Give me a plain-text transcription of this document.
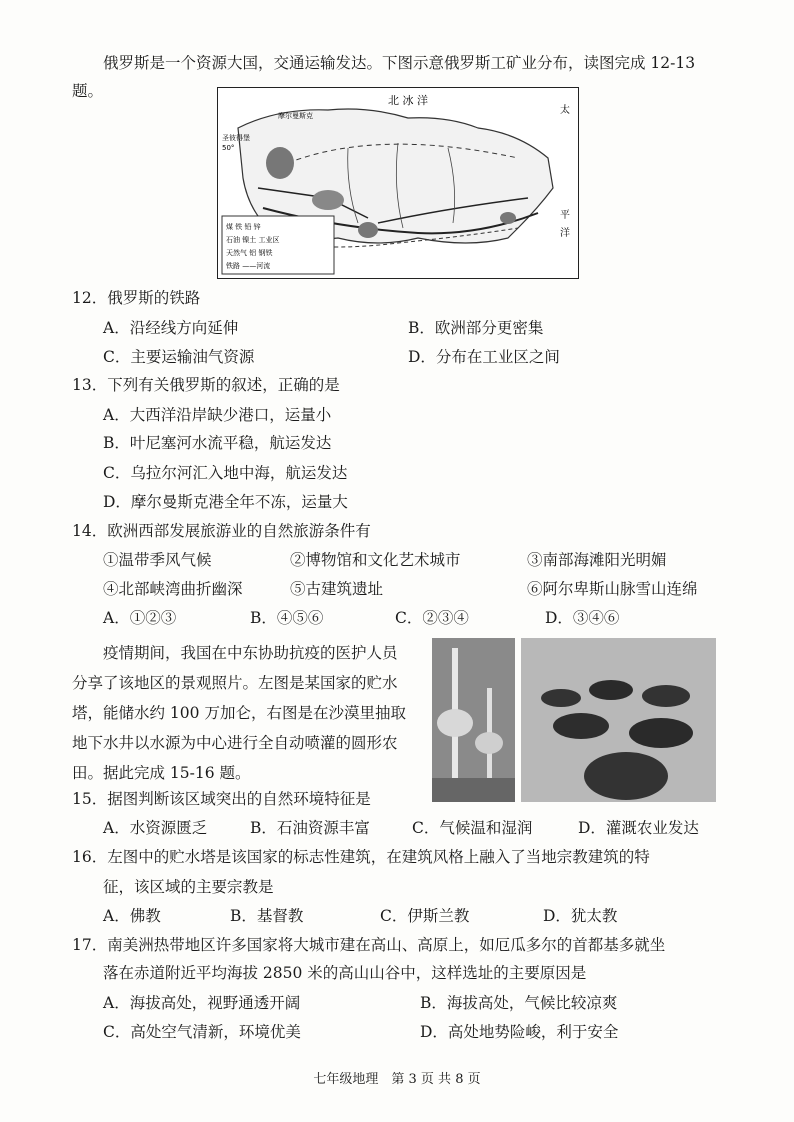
俄罗斯是一个资源大国，交通运输发达。下图示意俄罗斯工矿业分布，读图完成 12-13
题。
北 冰 洋
太
平
洋
摩尔曼斯克
圣彼得堡
50°
煤 铁 铅 锌
石油 镍土 工业区
天然气 铝 钢铁
铁路 ——河流
12．俄罗斯的铁路
A．沿经线方向延伸	B．欧洲部分更密集
C．主要运输油气资源	D．分布在工业区之间
13．下列有关俄罗斯的叙述，正确的是
A．大西洋沿岸缺少港口，运量小
B．叶尼塞河水流平稳，航运发达
C．乌拉尔河汇入地中海，航运发达
D．摩尔曼斯克港全年不冻，运量大
14．欧洲西部发展旅游业的自然旅游条件有
①温带季风气候	②博物馆和文化艺术城市	③南部海滩阳光明媚
④北部峡湾曲折幽深	⑤古建筑遗址	⑥阿尔卑斯山脉雪山连绵
A．①②③	B．④⑤⑥	C．②③④	D．③④⑥
疫情期间，我国在中东协助抗疫的医护人员
分享了该地区的景观照片。左图是某国家的贮水
塔，能储水约 100 万加仑，右图是在沙漠里抽取
地下水井以水源为中心进行全自动喷灌的圆形农
田。据此完成 15-16 题。
15．据图判断该区域突出的自然环境特征是
A．水资源匮乏	B．石油资源丰富	C．气候温和湿润	D．灌溉农业发达
16．左图中的贮水塔是该国家的标志性建筑，在建筑风格上融入了当地宗教建筑的特
征，该区域的主要宗教是
A．佛教	B．基督教	C．伊斯兰教	D．犹太教
17．南美洲热带地区许多国家将大城市建在高山、高原上，如厄瓜多尔的首都基多就坐
落在赤道附近平均海拔 2850 米的高山山谷中，这样选址的主要原因是
A．海拔高处，视野通透开阔	B．海拔高处，气候比较凉爽
C．高处空气清新，环境优美	D．高处地势险峻，利于安全
七年级地理　第 3 页 共 8 页
